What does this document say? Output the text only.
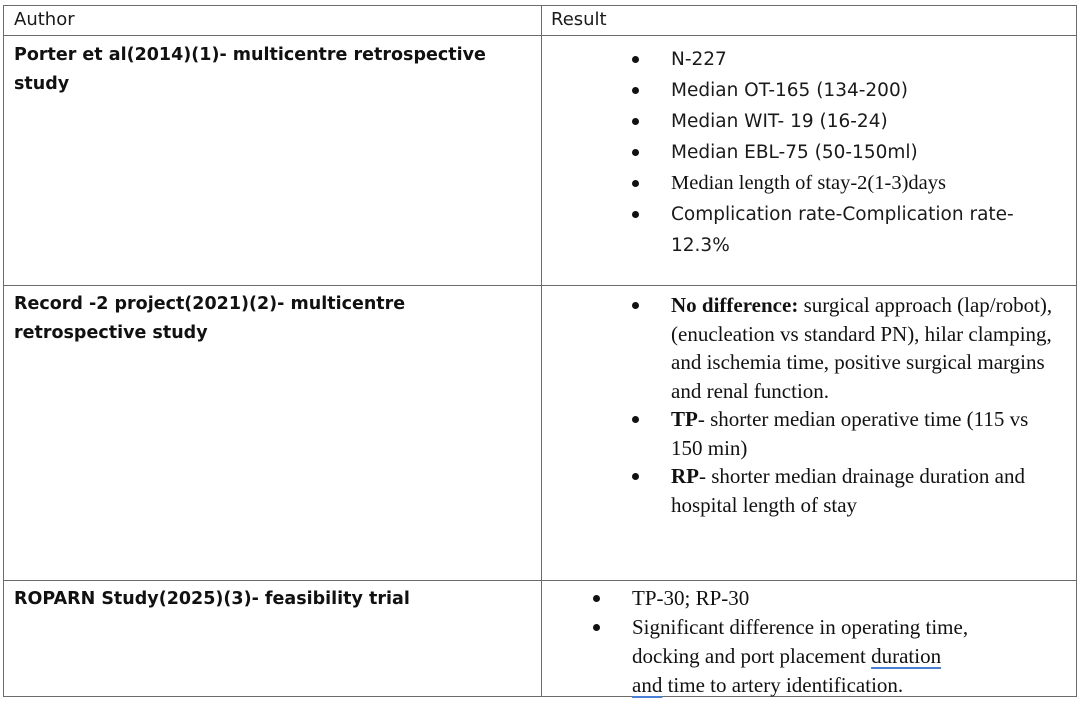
Author	Result
Porter et al(2014)(1)- multicentre retrospective study
N-227
Median OT-165 (134-200)
Median WIT- 19 (16-24)
Median EBL-75 (50-150ml)
Median length of stay-2(1-3)days
Complication rate-Complication rate-12.3%
Record -2 project(2021)(2)- multicentre retrospective study
No difference: surgical approach (lap/robot), (enucleation vs standard PN), hilar clamping, and ischemia time, positive surgical margins and renal function.
TP- shorter median operative time (115 vs 150 min)
RP- shorter median drainage duration and hospital length of stay
ROPARN Study(2025)(3)- feasibility trial	TP-30; RP-30
Significant difference in operating time, docking and port placement duration and time to artery identification.
